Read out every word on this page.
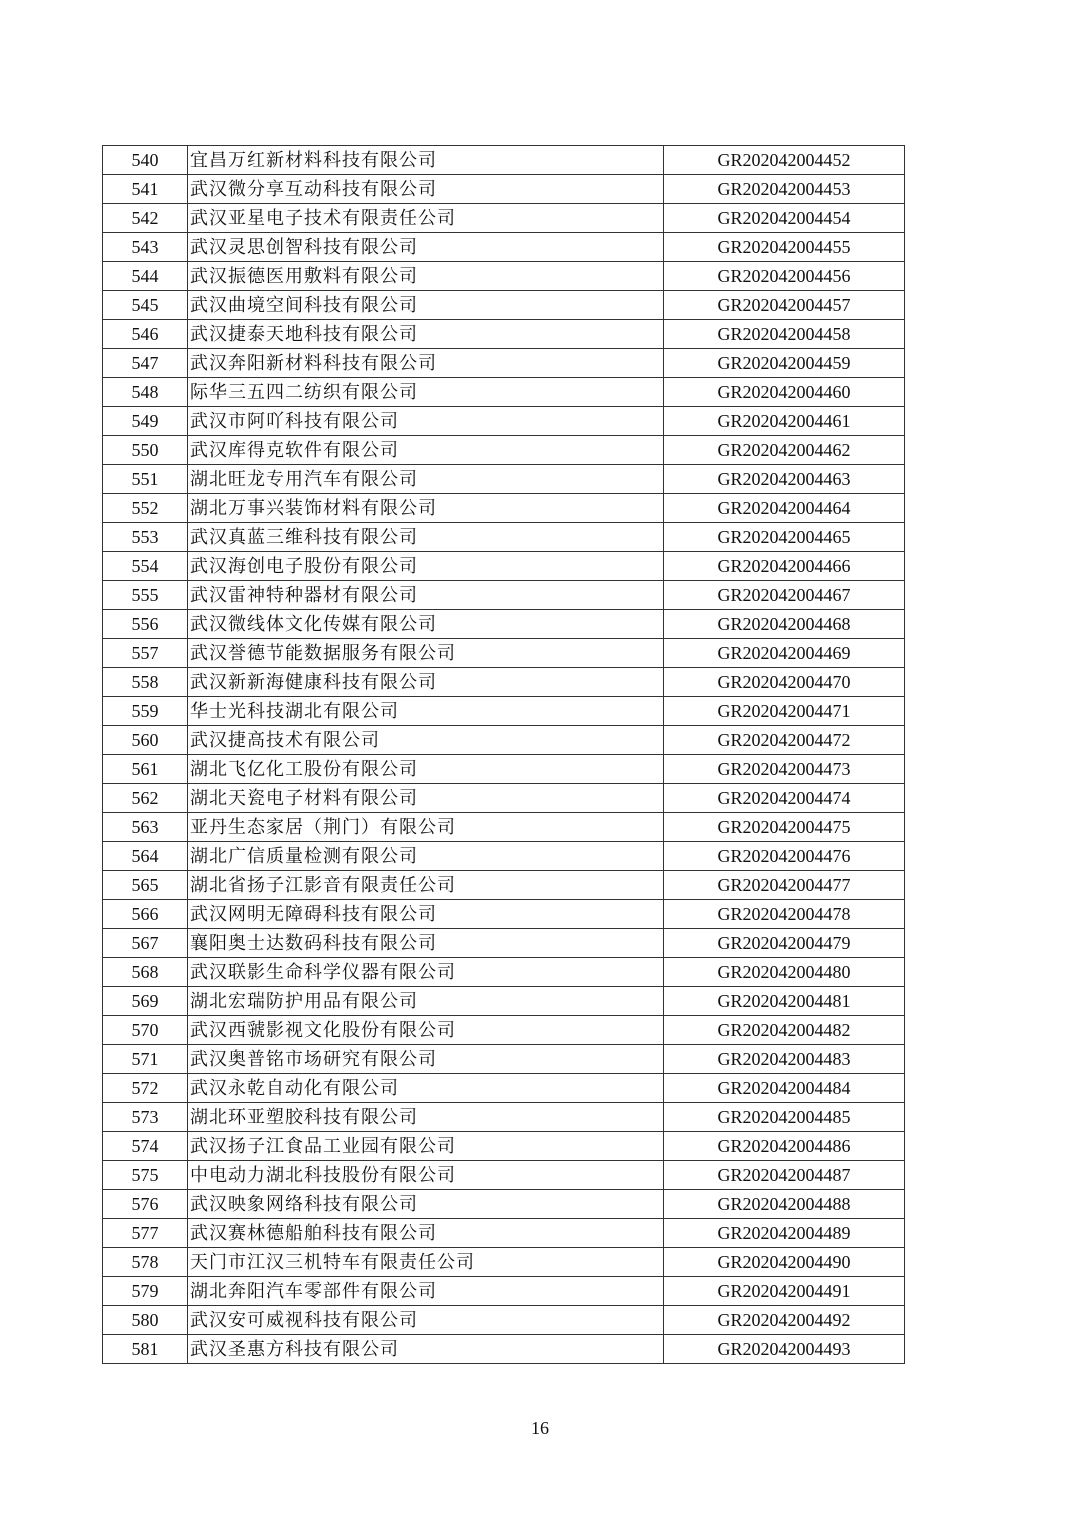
540	宜昌万红新材料科技有限公司	GR202042004452
541	武汉微分享互动科技有限公司	GR202042004453
542	武汉亚星电子技术有限责任公司	GR202042004454
543	武汉灵思创智科技有限公司	GR202042004455
544	武汉振德医用敷料有限公司	GR202042004456
545	武汉曲境空间科技有限公司	GR202042004457
546	武汉捷泰天地科技有限公司	GR202042004458
547	武汉奔阳新材料科技有限公司	GR202042004459
548	际华三五四二纺织有限公司	GR202042004460
549	武汉市阿吖科技有限公司	GR202042004461
550	武汉库得克软件有限公司	GR202042004462
551	湖北旺龙专用汽车有限公司	GR202042004463
552	湖北万事兴装饰材料有限公司	GR202042004464
553	武汉真蓝三维科技有限公司	GR202042004465
554	武汉海创电子股份有限公司	GR202042004466
555	武汉雷神特种器材有限公司	GR202042004467
556	武汉微线体文化传媒有限公司	GR202042004468
557	武汉誉德节能数据服务有限公司	GR202042004469
558	武汉新新海健康科技有限公司	GR202042004470
559	华士光科技湖北有限公司	GR202042004471
560	武汉捷高技术有限公司	GR202042004472
561	湖北飞亿化工股份有限公司	GR202042004473
562	湖北天瓷电子材料有限公司	GR202042004474
563	亚丹生态家居（荆门）有限公司	GR202042004475
564	湖北广信质量检测有限公司	GR202042004476
565	湖北省扬子江影音有限责任公司	GR202042004477
566	武汉网明无障碍科技有限公司	GR202042004478
567	襄阳奥士达数码科技有限公司	GR202042004479
568	武汉联影生命科学仪器有限公司	GR202042004480
569	湖北宏瑞防护用品有限公司	GR202042004481
570	武汉西虢影视文化股份有限公司	GR202042004482
571	武汉奥普铭市场研究有限公司	GR202042004483
572	武汉永乾自动化有限公司	GR202042004484
573	湖北环亚塑胶科技有限公司	GR202042004485
574	武汉扬子江食品工业园有限公司	GR202042004486
575	中电动力湖北科技股份有限公司	GR202042004487
576	武汉映象网络科技有限公司	GR202042004488
577	武汉赛林德船舶科技有限公司	GR202042004489
578	天门市江汉三机特车有限责任公司	GR202042004490
579	湖北奔阳汽车零部件有限公司	GR202042004491
580	武汉安可威视科技有限公司	GR202042004492
581	武汉圣惠方科技有限公司	GR202042004493
16
